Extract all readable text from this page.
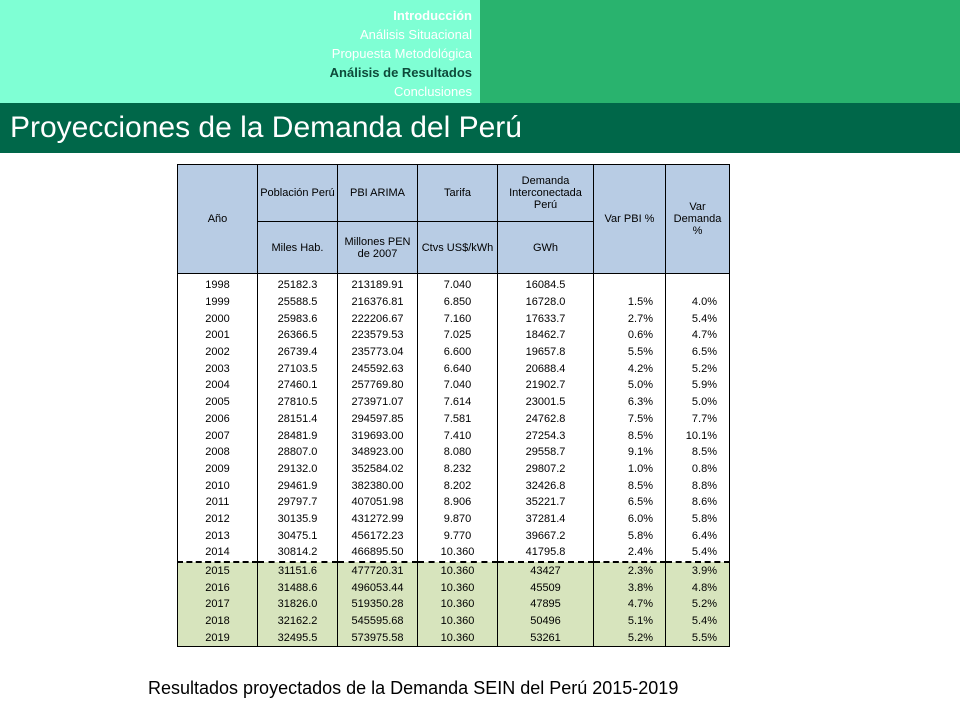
Introducción
Análisis Situacional
Propuesta Metodológica
Análisis de Resultados
Conclusiones
Proyecciones de la Demanda del Perú
Año	Población Perú	PBI ARIMA	Tarifa	Demanda Interconectada Perú	Var PBI %	Var Demanda %
	Miles Hab.	Millones PEN de 2007	Ctvs US$/kWh	GWh		
1998	25182.3	213189.91	7.040	16084.5		
1999	25588.5	216376.81	6.850	16728.0	1.5%	4.0%
2000	25983.6	222206.67	7.160	17633.7	2.7%	5.4%
2001	26366.5	223579.53	7.025	18462.7	0.6%	4.7%
2002	26739.4	235773.04	6.600	19657.8	5.5%	6.5%
2003	27103.5	245592.63	6.640	20688.4	4.2%	5.2%
2004	27460.1	257769.80	7.040	21902.7	5.0%	5.9%
2005	27810.5	273971.07	7.614	23001.5	6.3%	5.0%
2006	28151.4	294597.85	7.581	24762.8	7.5%	7.7%
2007	28481.9	319693.00	7.410	27254.3	8.5%	10.1%
2008	28807.0	348923.00	8.080	29558.7	9.1%	8.5%
2009	29132.0	352584.02	8.232	29807.2	1.0%	0.8%
2010	29461.9	382380.00	8.202	32426.8	8.5%	8.8%
2011	29797.7	407051.98	8.906	35221.7	6.5%	8.6%
2012	30135.9	431272.99	9.870	37281.4	6.0%	5.8%
2013	30475.1	456172.23	9.770	39667.2	5.8%	6.4%
2014	30814.2	466895.50	10.360	41795.8	2.4%	5.4%
2015	31151.6	477720.31	10.360	43427	2.3%	3.9%
2016	31488.6	496053.44	10.360	45509	3.8%	4.8%
2017	31826.0	519350.28	10.360	47895	4.7%	5.2%
2018	32162.2	545595.68	10.360	50496	5.1%	5.4%
2019	32495.5	573975.58	10.360	53261	5.2%	5.5%
Resultados proyectados de la Demanda SEIN del Perú 2015-2019
